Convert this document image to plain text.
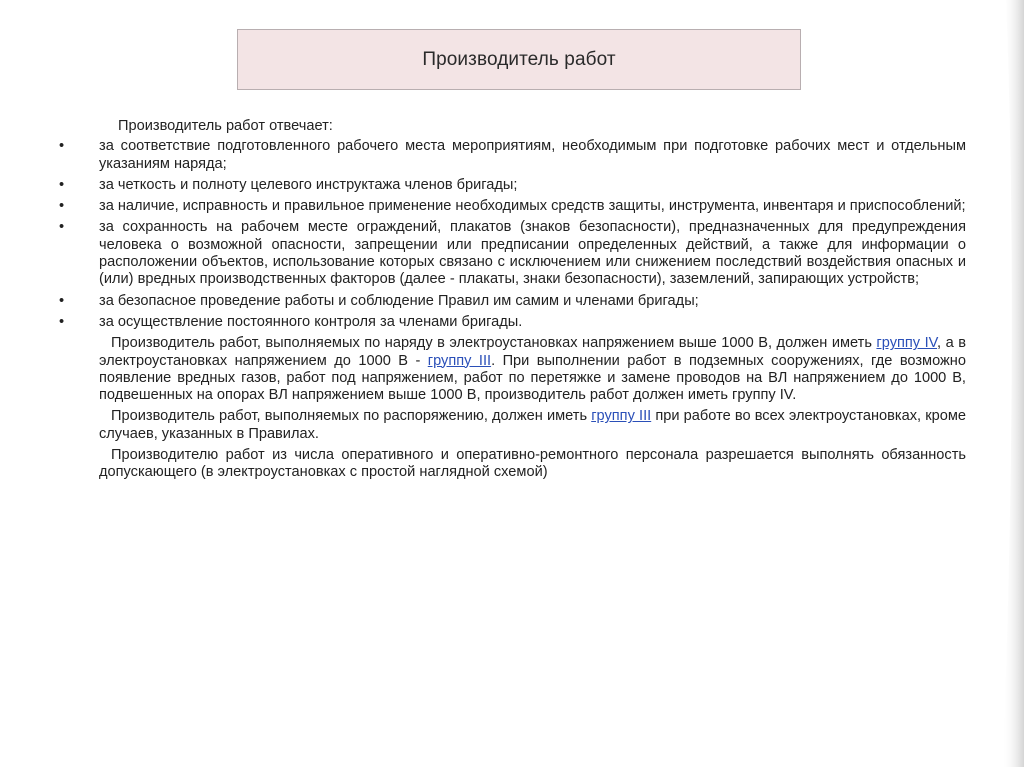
Производитель работ

Производитель работ отвечает:

•	за соответствие подготовленного рабочего места мероприятиям, необходимым при подготовке рабочих мест и отдельным указаниям наряда;
•	за четкость и полноту целевого инструктажа членов бригады;
•	за наличие, исправность и правильное применение необходимых средств защиты, инструмента, инвентаря и приспособлений;
•	за сохранность на рабочем месте ограждений, плакатов (знаков безопасности), предназначенных для предупреждения человека о возможной опасности, запрещении или предписании определенных действий, а также для информации о расположении объектов, использование которых связано с исключением или снижением последствий воздействия опасных и (или) вредных производственных факторов (далее - плакаты, знаки безопасности), заземлений, запирающих устройств;
•	за безопасное проведение работы и соблюдение Правил им самим и членами бригады;
•	за осуществление постоянного контроля за членами бригады.

Производитель работ, выполняемых по наряду в электроустановках напряжением выше 1000 В, должен иметь группу IV, а в электроустановках напряжением до 1000 В - группу III. При выполнении работ в подземных сооружениях, где возможно появление вредных газов, работ под напряжением, работ по перетяжке и замене проводов на ВЛ напряжением до 1000 В, подвешенных на опорах ВЛ напряжением выше 1000 В, производитель работ должен иметь группу IV.

Производитель работ, выполняемых по распоряжению, должен иметь группу III при работе во всех электроустановках, кроме случаев, указанных в Правилах.

Производителю работ из числа оперативного и оперативно-ремонтного персонала разрешается выполнять обязанность допускающего (в электроустановках с простой наглядной схемой)
